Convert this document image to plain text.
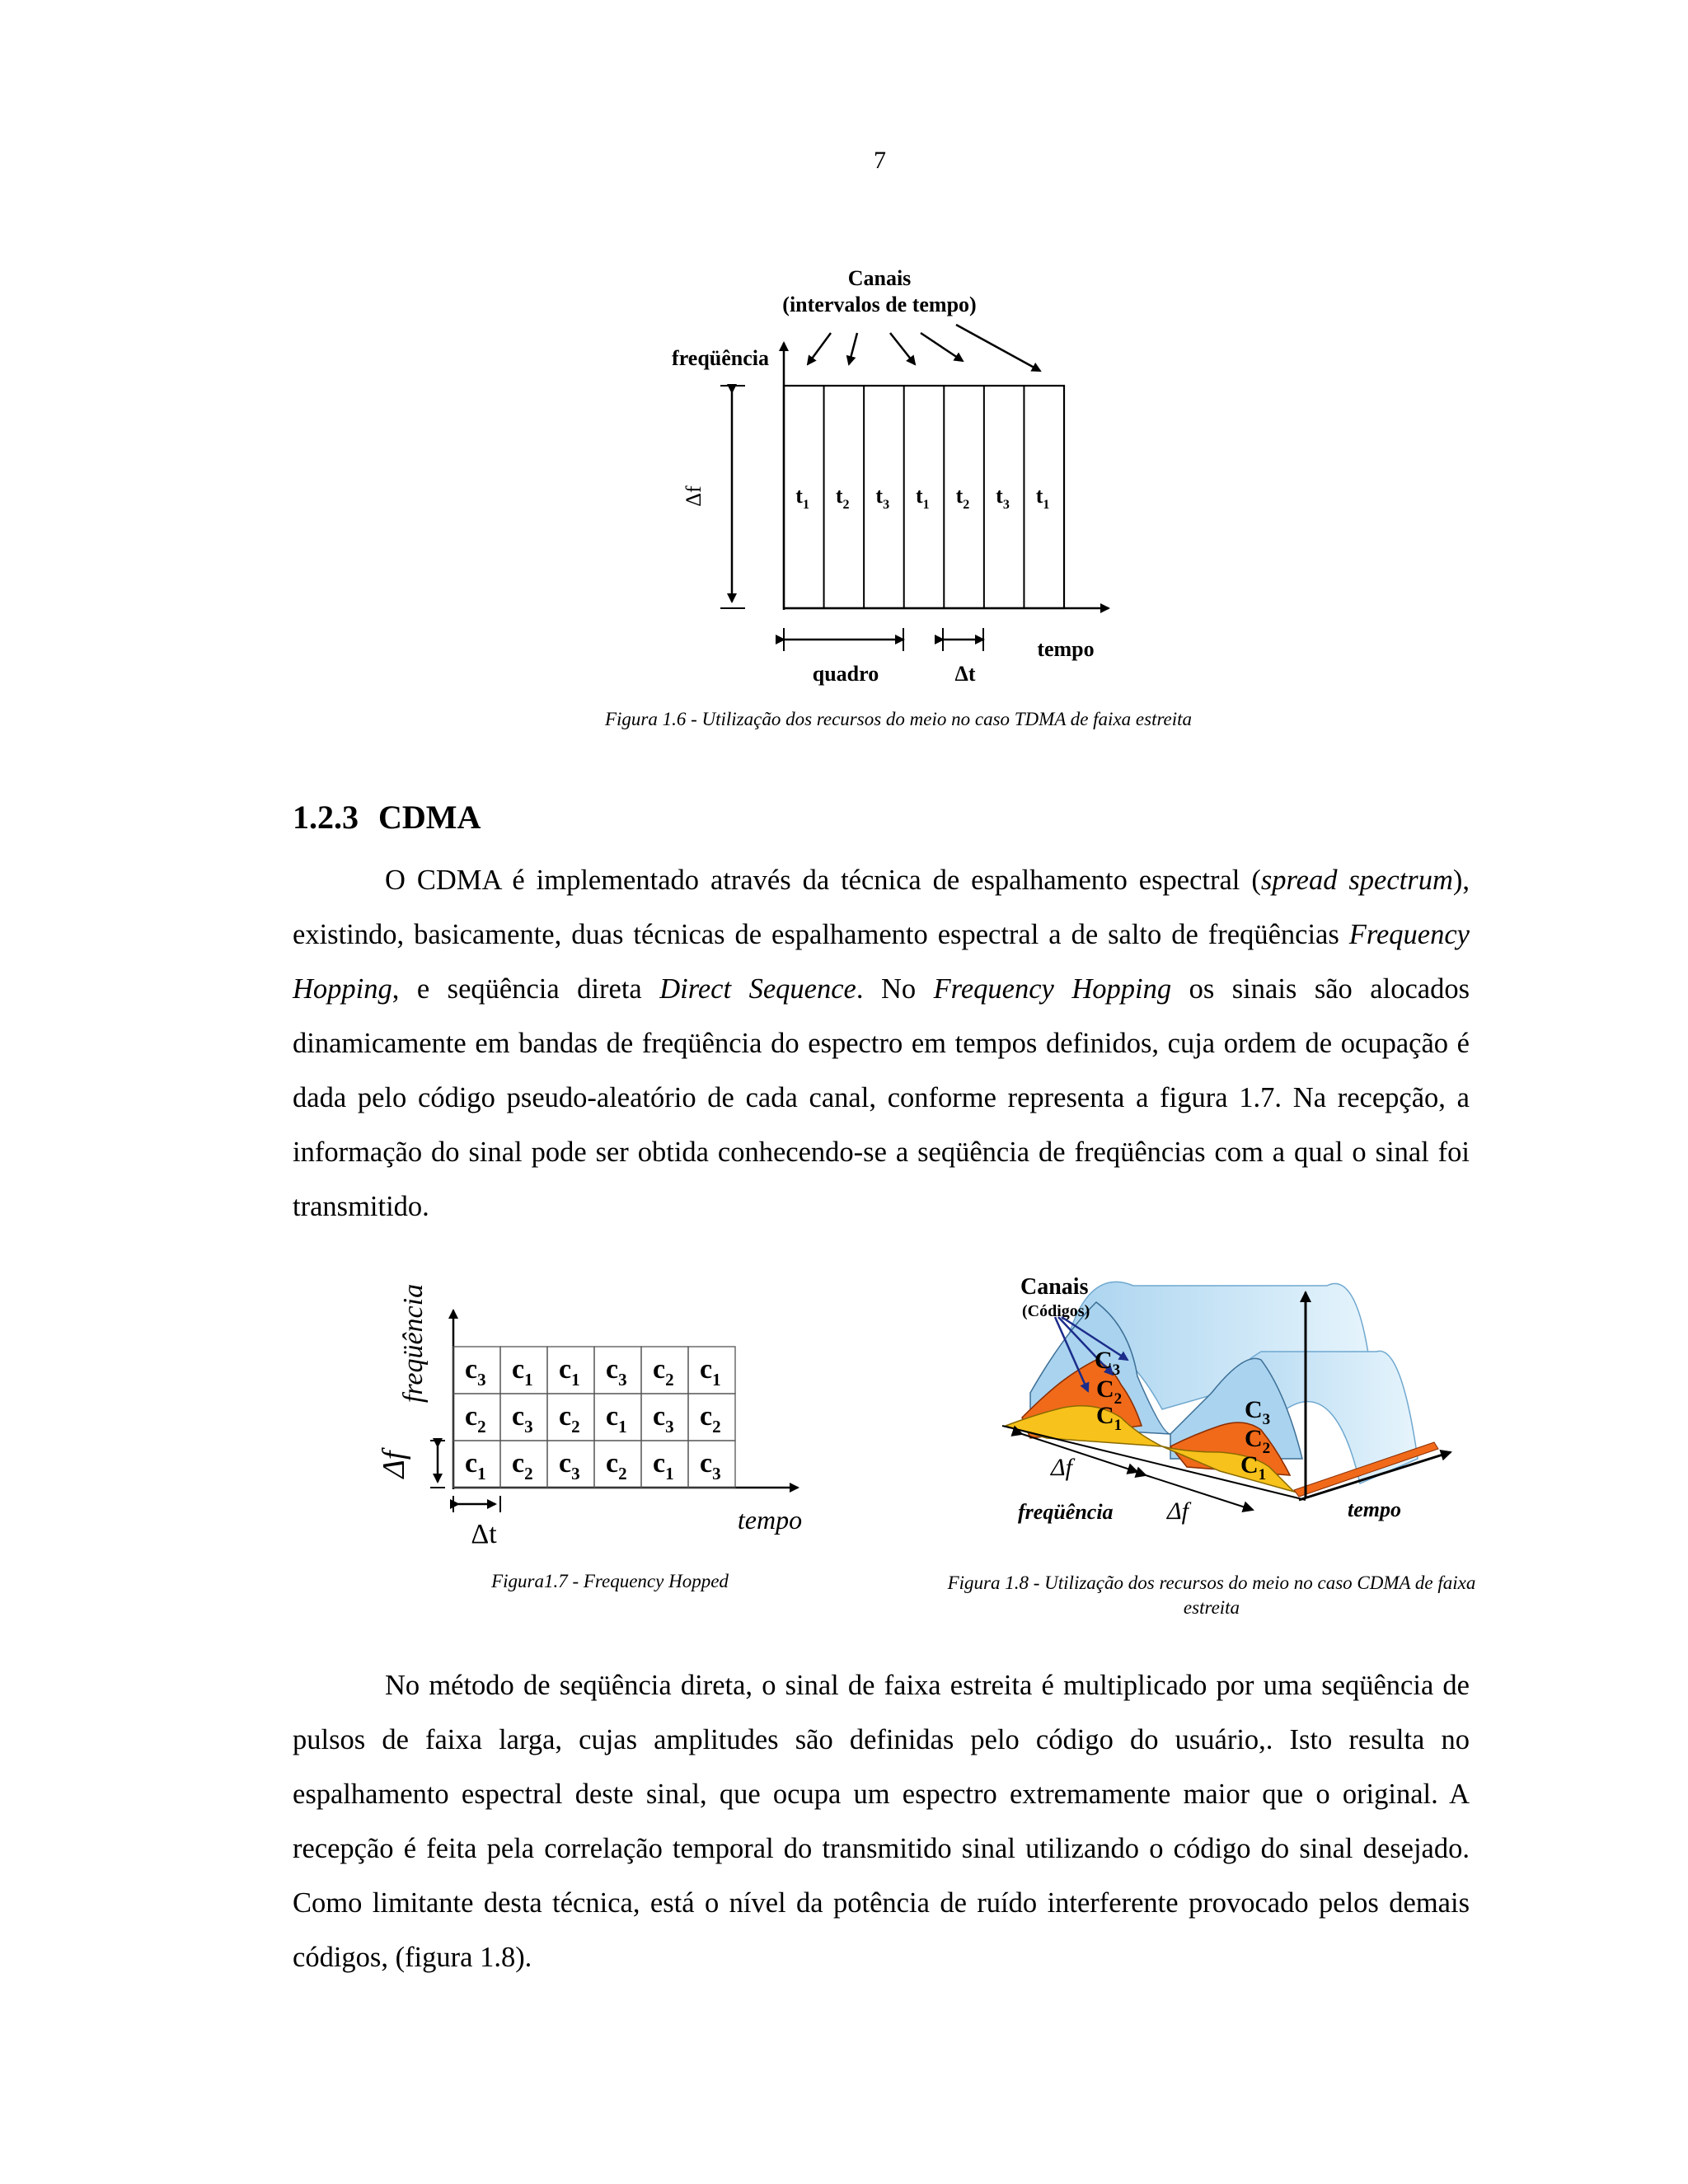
7
Canais
(intervalos de tempo)
freqüência
$t_1$ $t_2$ $t_3$ $t_1$ $t_2$ $t_3$ $t_1$
Δf
quadro	Δt
tempo
Figura 1.6 - Utilização dos recursos do meio no caso TDMA de faixa estreita
1.2.3 CDMA

O CDMA é implementado através da técnica de espalhamento espectral (spread spectrum), existindo, basicamente, duas técnicas de espalhamento espectral a de salto de freqüências Frequency Hopping, e seqüência direta Direct Sequence. No Frequency Hopping os sinais são alocados dinamicamente em bandas de freqüência do espectro em tempos definidos, cuja ordem de ocupação é dada pelo código pseudo-aleatório de cada canal, conforme representa a figura 1.7. Na recepção, a informação do sinal pode ser obtida conhecendo-se a seqüência de freqüências com a qual o sinal foi transmitido.

freqüência $c_3$ $c_1$ $c_1$ $c_3$ $c_2$ $c_1$
$c_2$ $c_3$ $c_2$ $c_1$ $c_3$ $c_2$
$c_1$ $c_2$ $c_3$ $c_2$ $c_1$ $c_3$
Δf
Δt	tempo
Figura1.7 - Frequency Hopped
Canais
(Códigos)
$C_3$
$C_2$
$C_1$
$C_3$
$C_2$
$C_1$
Δf
Δf
freqüência	tempo
Figura 1.8 - Utilização dos recursos do meio no caso CDMA de faixa
estreita

No método de seqüência direta, o sinal de faixa estreita é multiplicado por uma seqüência de pulsos de faixa larga, cujas amplitudes são definidas pelo código do usuário,. Isto resulta no espalhamento espectral deste sinal, que ocupa um espectro extremamente maior que o original. A recepção é feita pela correlação temporal do transmitido sinal utilizando o código do sinal desejado. Como limitante desta técnica, está o nível da potência de ruído interferente provocado pelos demais códigos, (figura 1.8).
